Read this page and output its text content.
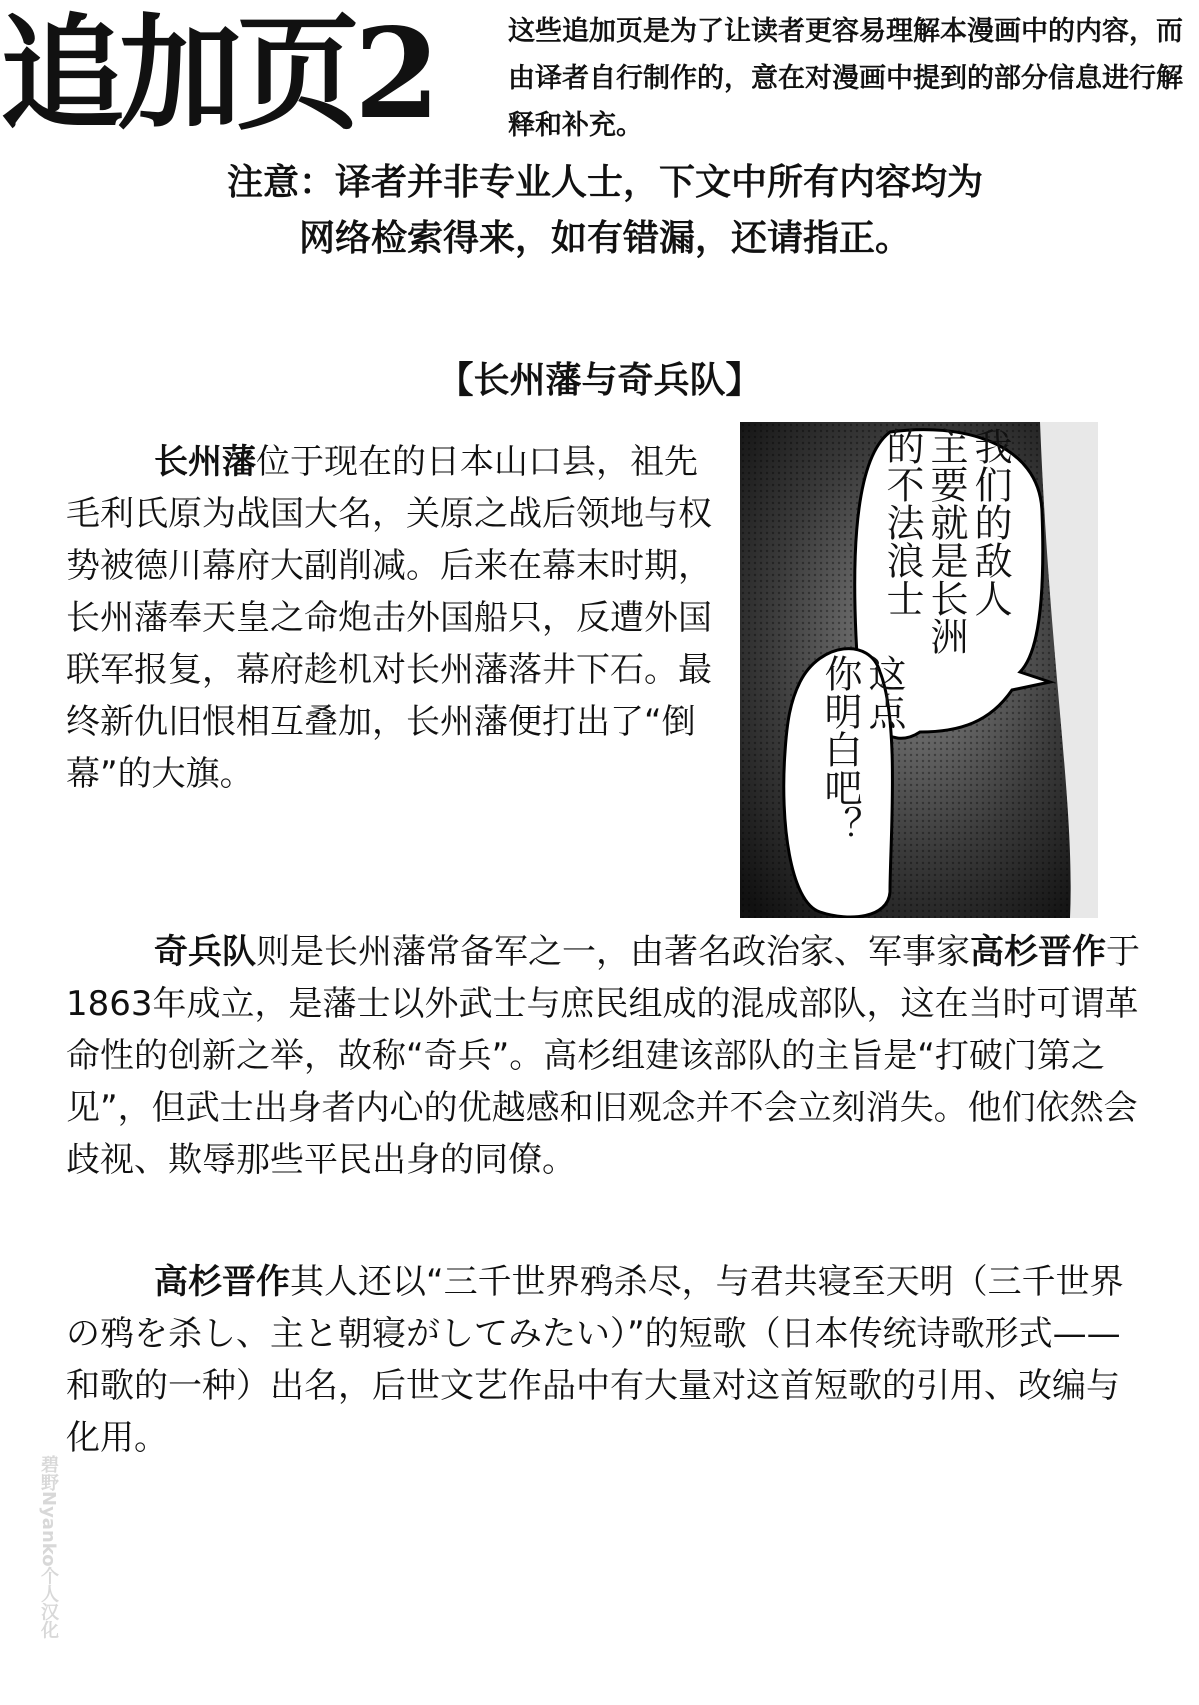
追加页2	这些追加页是为了让读者更容易理解本漫画中的内容，而由译者自行制作的，意在对漫画中提到的部分信息进行解释和补充。
注意：译者并非专业人士，下文中所有内容均为
网络检索得来，如有错漏，还请指正。
【长州藩与奇兵队】
长州藩位于现在的日本山口县，祖先毛利氏原为战国大名，关原之战后领地与权势被德川幕府大副削减。后来在幕末时期，长州藩奉天皇之命炮击外国船只，反遭外国联军报复，幕府趁机对长州藩落井下石。最终新仇旧恨相互叠加，长州藩便打出了“倒幕”的大旗。
我们的敌人
主要就是长洲
的不法浪士
这点
你明白吧？
奇兵队则是长州藩常备军之一，由著名政治家、军事家高杉晋作于1863年成立，是藩士以外武士与庶民组成的混成部队，这在当时可谓革命性的创新之举，故称“奇兵”。高杉组建该部队的主旨是“打破门第之见”，但武士出身者内心的优越感和旧观念并不会立刻消失。他们依然会歧视、欺辱那些平民出身的同僚。
高杉晋作其人还以“三千世界鸦杀尽，与君共寝至天明（三千世界の鸦を杀し、主と朝寝がしてみたい）”的短歌（日本传统诗歌形式——和歌的一种）出名，后世文艺作品中有大量对这首短歌的引用、改编与化用。
碧野Nyanko个人汉化
